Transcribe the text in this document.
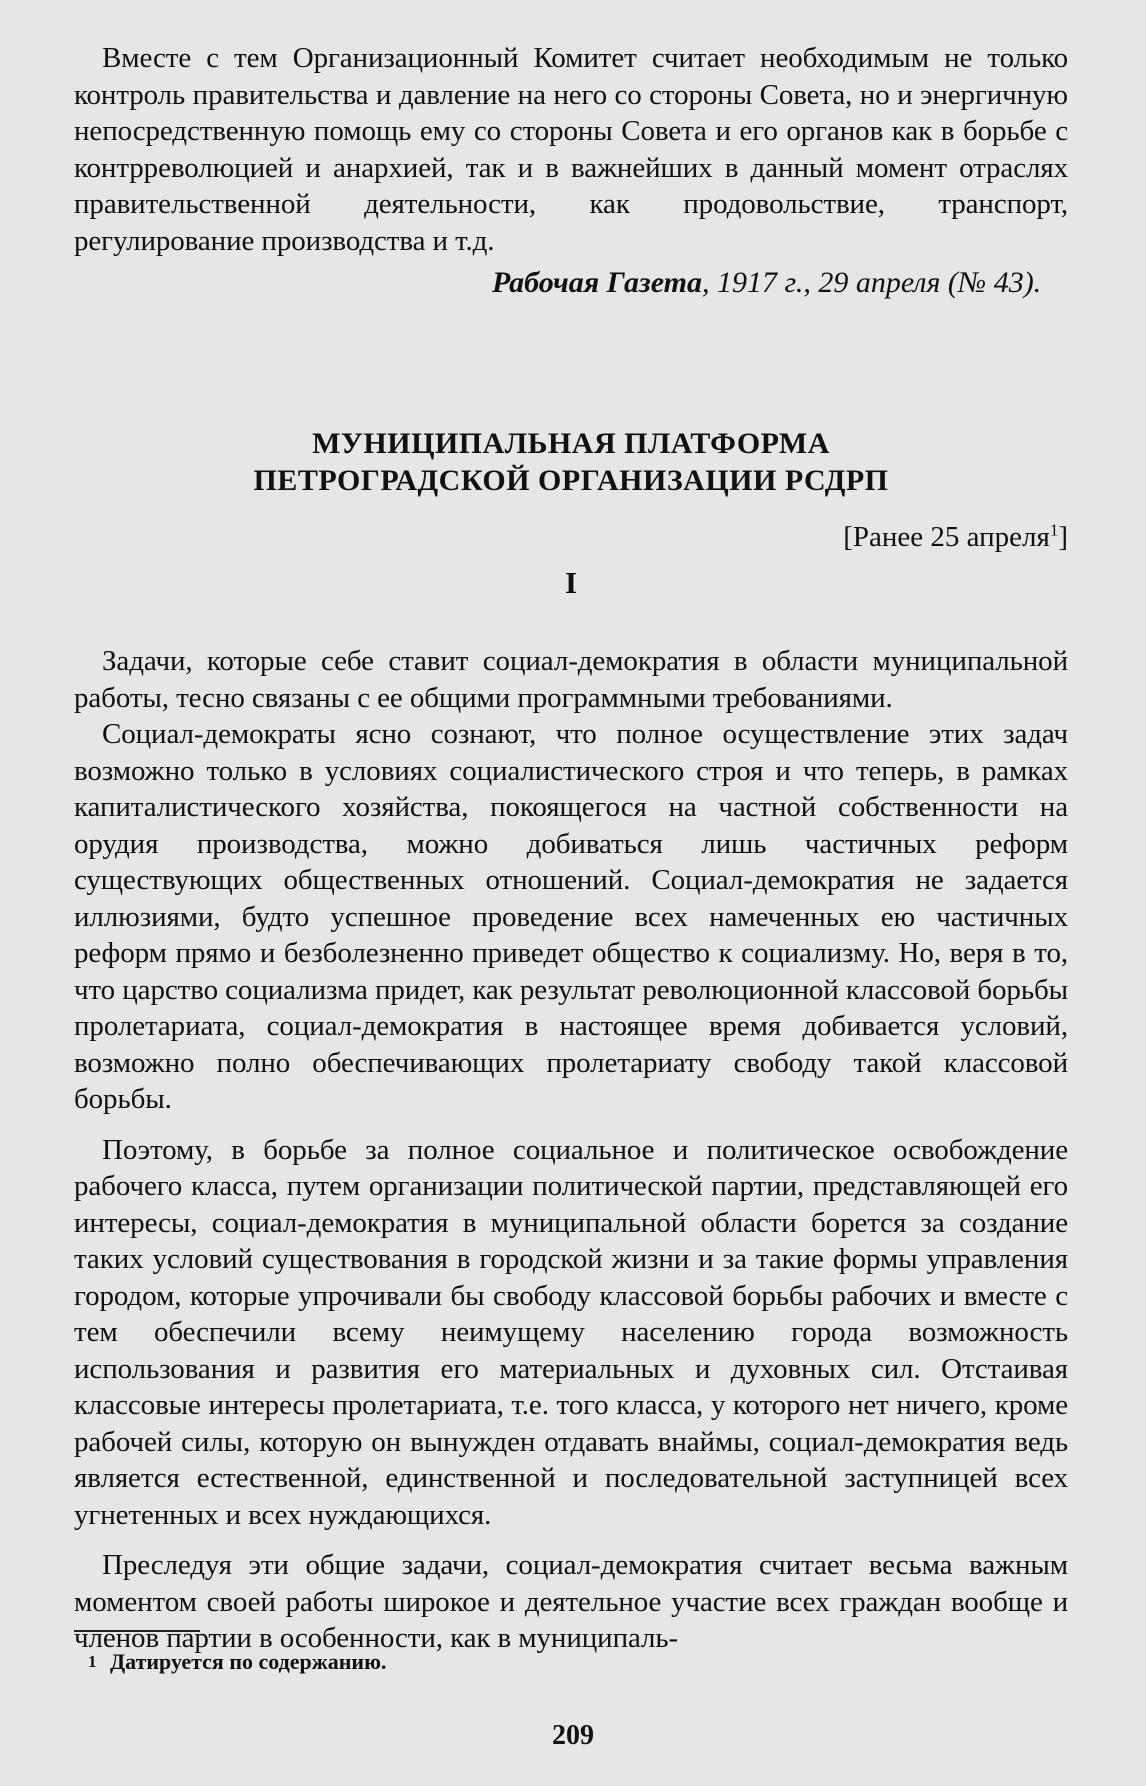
Вместе с тем Организационный Комитет считает необходимым не только контроль правительства и давление на него со стороны Совета, но и энергичную непосредственную помощь ему со стороны Совета и его органов как в борьбе с контрреволюцией и анархией, так и в важнейших в данный момент отраслях правительственной деятельности, как продовольствие, транспорт, регулирование производства и т.д.

Рабочая Газета, 1917 г., 29 апреля (№ 43).

МУНИЦИПАЛЬНАЯ ПЛАТФОРМА
ПЕТРОГРАДСКОЙ ОРГАНИЗАЦИИ РСДРП

[Ранее 25 апреля$^1$]

I

Задачи, которые себе ставит социал-демократия в области муниципальной работы, тесно связаны с ее общими программными требованиями.

Социал-демократы ясно сознают, что полное осуществление этих задач возможно только в условиях социалистического строя и что теперь, в рамках капиталистического хозяйства, покоящегося на частной собственности на орудия производства, можно добиваться лишь частичных реформ существующих общественных отношений. Социал-демократия не задается иллюзиями, будто успешное проведение всех намеченных ею частичных реформ прямо и безболезненно приведет общество к социализму. Но, веря в то, что царство социализма придет, как результат революционной классовой борьбы пролетариата, социал-демократия в настоящее время добивается условий, возможно полно обеспечивающих пролетариату свободу такой классовой борьбы.

Поэтому, в борьбе за полное социальное и политическое освобождение рабочего класса, путем организации политической партии, представляющей его интересы, социал-демократия в муниципальной области борется за создание таких условий существования в городской жизни и за такие формы управления городом, которые упрочивали бы свободу классовой борьбы рабочих и вместе с тем обеспечили всему неимущему населению города возможность использования и развития его материальных и духовных сил. Отстаивая классовые интересы пролетариата, т.е. того класса, у которого нет ничего, кроме рабочей силы, которую он вынужден отдавать внаймы, социал-демократия ведь является естественной, единственной и последовательной заступницей всех угнетенных и всех нуждающихся.

Преследуя эти общие задачи, социал-демократия считает весьма важным моментом своей работы широкое и деятельное участие всех граждан вообще и членов партии в особенности, как в муниципаль-

1 Датируется по содержанию.
209
